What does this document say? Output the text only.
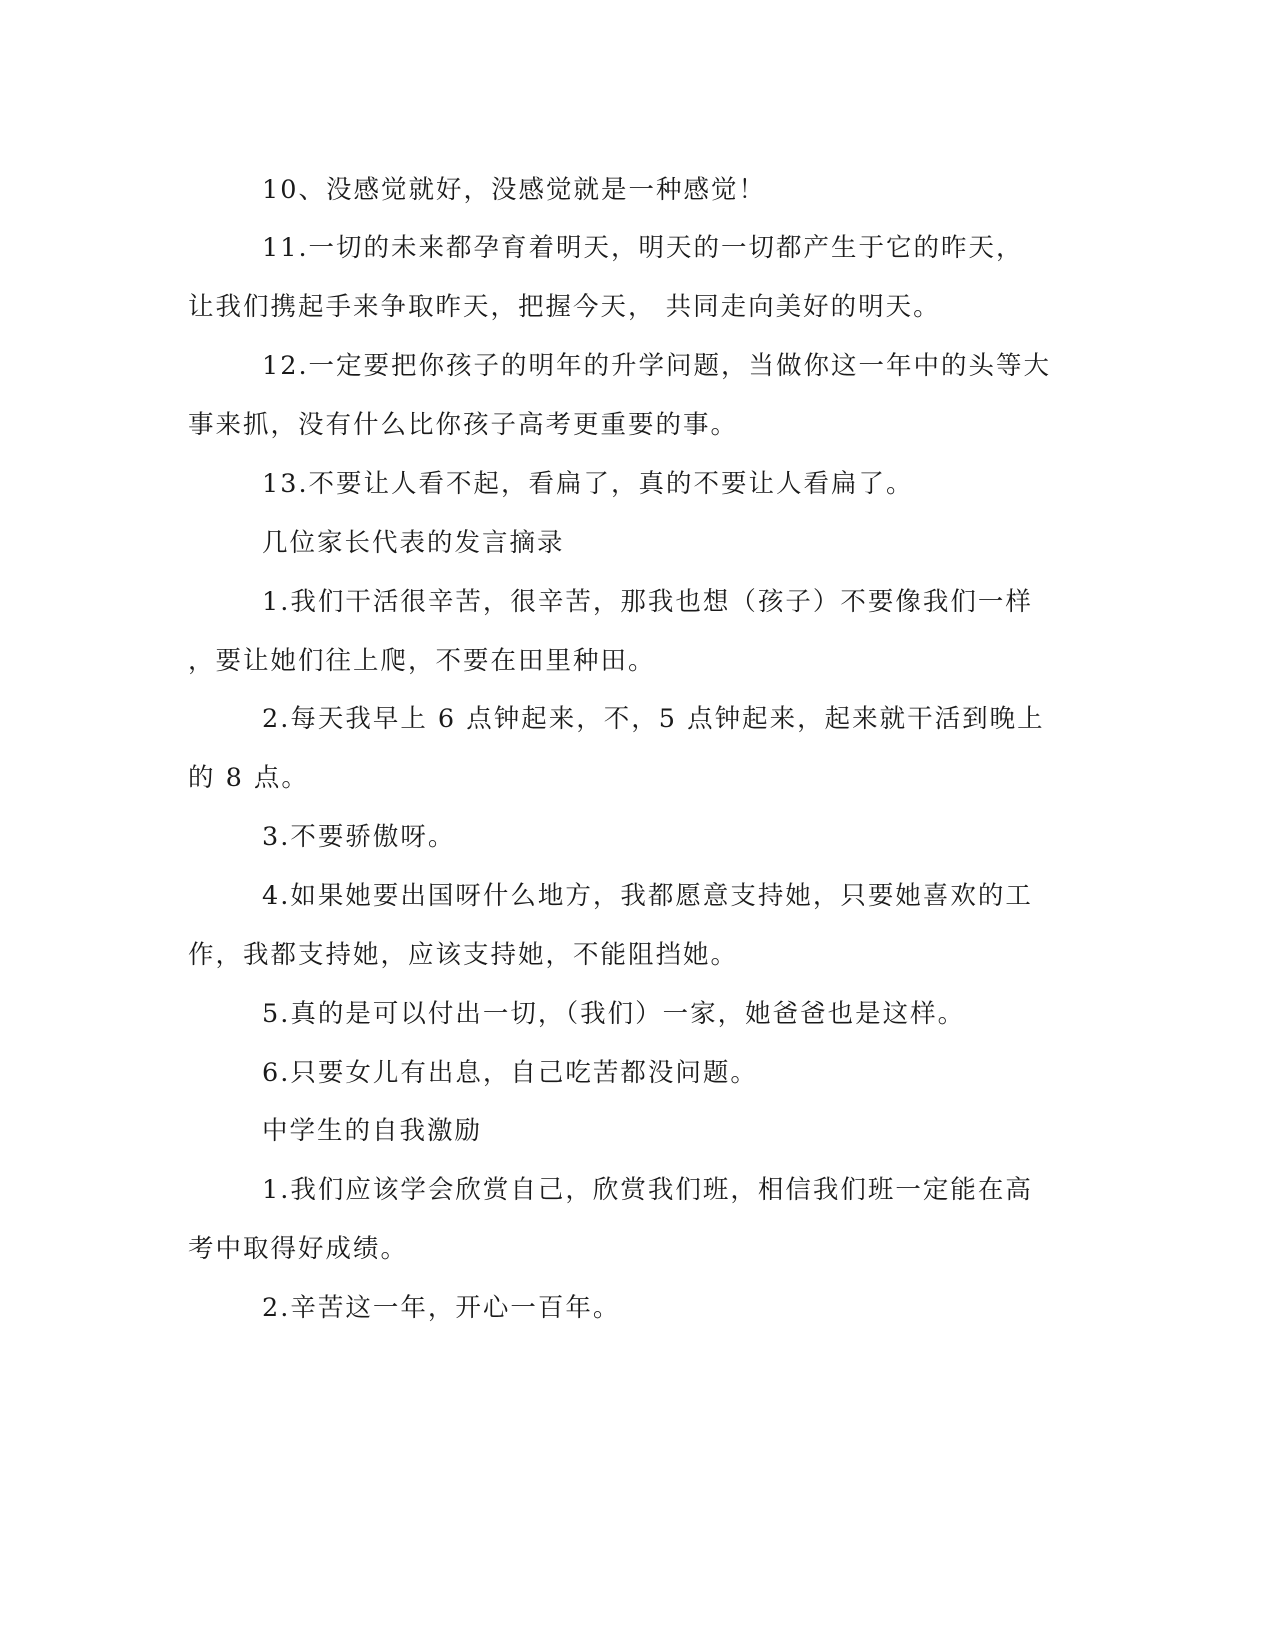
10、没感觉就好，没感觉就是一种感觉！
11.一切的未来都孕育着明天，明天的一切都产生于它的昨天，
让我们携起手来争取昨天，把握今天， 共同走向美好的明天。
12.一定要把你孩子的明年的升学问题，当做你这一年中的头等大
事来抓，没有什么比你孩子高考更重要的事。
13.不要让人看不起，看扁了，真的不要让人看扁了。
几位家长代表的发言摘录
1.我们干活很辛苦，很辛苦，那我也想（孩子）不要像我们一样
，要让她们往上爬，不要在田里种田。
2.每天我早上 6 点钟起来，不，5 点钟起来，起来就干活到晚上
的 8 点。
3.不要骄傲呀。
4.如果她要出国呀什么地方，我都愿意支持她，只要她喜欢的工
作，我都支持她，应该支持她，不能阻挡她。
5.真的是可以付出一切，（我们）一家，她爸爸也是这样。
6.只要女儿有出息，自己吃苦都没问题。
中学生的自我激励
1.我们应该学会欣赏自己，欣赏我们班，相信我们班一定能在高
考中取得好成绩。
2.辛苦这一年，开心一百年。
